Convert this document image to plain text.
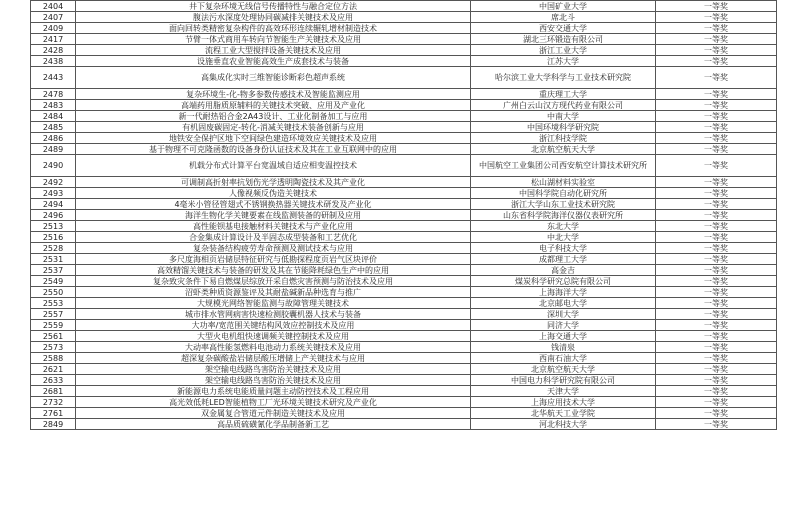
2404	井下复杂环境无线信号传播特性与融合定位方法	中国矿业大学	一等奖
2407	腹法污水深度处理协同碳减排关键技术及应用	席北斗	一等奖
2409	面向回转类精密复杂构件的高效环形连续辗轧增材制造技术	西安交通大学	一等奖
2417	节臂一体式商用车转向节智能生产关键技术及应用	湖北三环锻造有限公司	一等奖
2428	流程工业大型搅拌设备关键技术及应用	浙江工业大学	一等奖
2438	设施垂直农业智能高效生产成套技术与装备	江苏大学	一等奖
2443	高集成化实时三维智能诊断彩色超声系统	哈尔滨工业大学科学与工业技术研究院	一等奖
2478	复杂环境生-化-物多参数传感技术及智能监测应用	重庆理工大学	一等奖
2483	高端药用脂质原辅料的关键技术突破、应用及产业化	广州白云山汉方现代药业有限公司	一等奖
2484	新一代耐热铝合金2A43设计、工业化制备加工与应用	中南大学	一等奖
2485	有机固废碳固定-转化-消减关键技术装备创新与应用	中国环境科学研究院	一等奖
2486	地铁安全保护区地下空间绿色建造环境效应关键技术及应用	浙江科技学院	一等奖
2489	基于物理不可克隆函数的设备身份认证技术及其在工业互联网中的应用	北京航空航天大学	一等奖
2490	机载分布式计算平台宽温域自适应相变温控技术	中国航空工业集团公司西安航空计算技术研究所	一等奖
2492	可调制高折射率抗划伤光学透明陶瓷技术及其产业化	松山湖材料实验室	一等奖
2493	人像视频反伪造关键技术	中国科学院自动化研究所	一等奖
2494	4毫米小管径管翅式不锈钢换热器关键技术研发及产业化	浙江大学山东工业技术研究院	一等奖
2496	海洋生物化学关键要素在线监测装备的研制及应用	山东省科学院海洋仪器仪表研究所	一等奖
2513	高性能钡基电接触材料关键技术与产业化应用	东北大学	一等奖
2516	合金集成计算设计及半固态成型装备和工艺优化	中北大学	一等奖
2528	复杂装备结构疲劳寿命预测及测试技术与应用	电子科技大学	一等奖
2531	多尺度海相页岩储层特征研究与低勘探程度页岩气区块评价	成都理工大学	一等奖
2537	高效精馏关键技术与装备的研发及其在节能降耗绿色生产中的应用	高金吉	一等奖
2549	复杂致灾条件下易自燃煤层综放开采自燃灾害预测与防治技术及应用	煤炭科学研究总院有限公司	一等奖
2550	沼虾类种质资源鉴评及其耐盐碱新品种选育与推广	上海海洋大学	一等奖
2553	大规模光网络智能监测与故障管理关键技术	北京邮电大学	一等奖
2557	城市排水管网病害快速检测胶囊机器人技术与装备	深圳大学	一等奖
2559	大功率/宽范围关键结构风效应控制技术及应用	同济大学	一等奖
2561	大型火电机组快速调频关键控制技术及应用	上海交通大学	一等奖
2573	大动率高性能氢燃料电池动力系统关键技术及应用	钱清泉	一等奖
2588	超深复杂碳酸盐岩储层酸压增储上产关键技术与应用	西南石油大学	一等奖
2621	架空输电线路鸟害防治关键技术及应用	北京航空航天大学	一等奖
2633	架空输电线路鸟害防治关键技术及应用	中国电力科学研究院有限公司	一等奖
2681	新能源电力系统电能质量问题主动防控技术及工程应用	天津大学	一等奖
2732	高光效低耗LED智能植物工厂光环境关键技术研究及产业化	上海应用技术大学	一等奖
2761	双金属复合管道元件制造关键技术及应用	北华航天工业学院	一等奖
2849	高品质硫磺氰化学品制备新工艺	河北科技大学	一等奖
